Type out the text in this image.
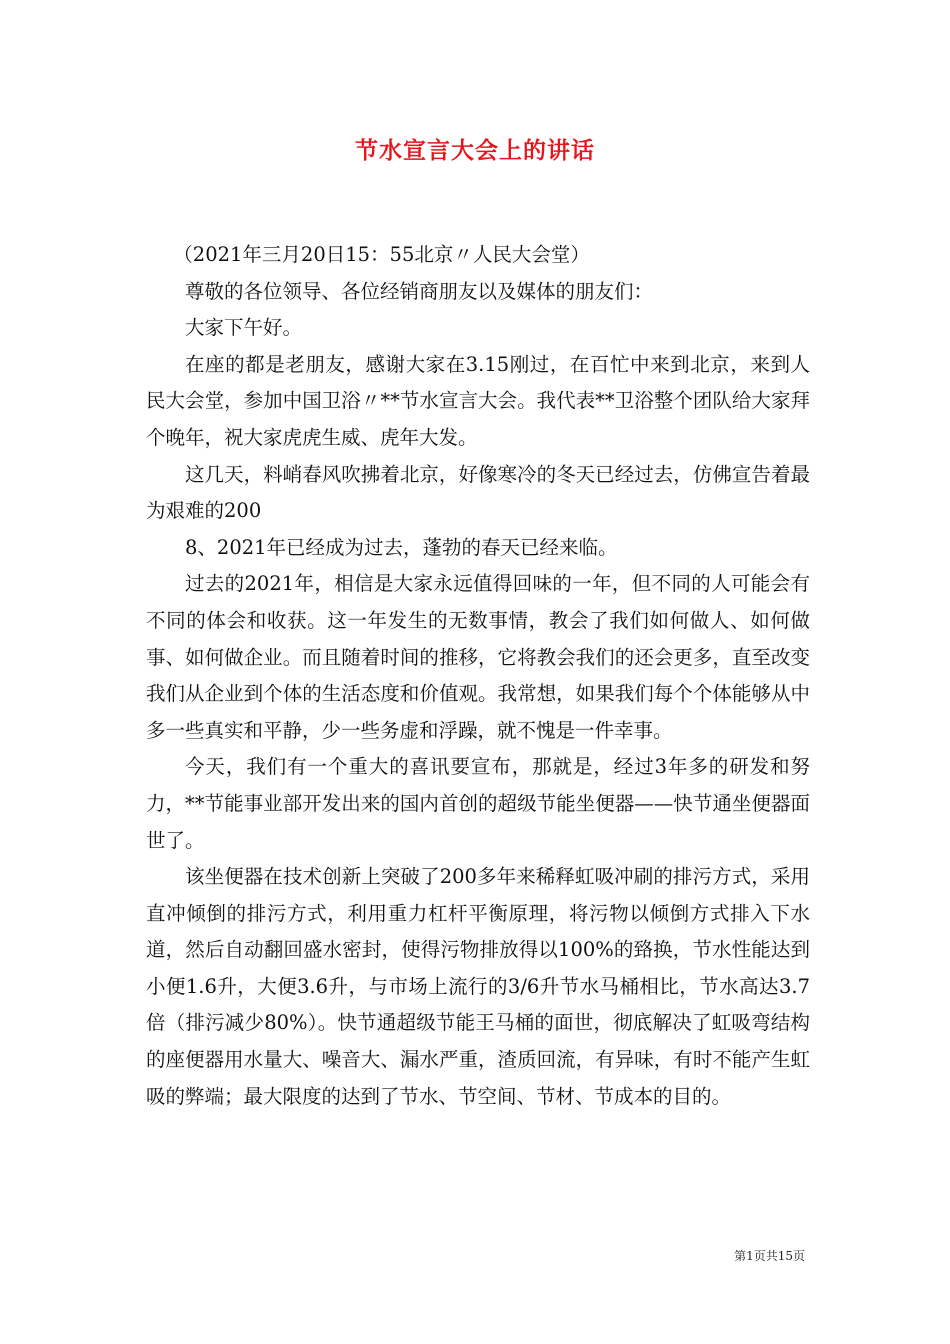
节水宣言大会上的讲话

（2021年三月20日15：55北京〃人民大会堂）

尊敬的各位领导、各位经销商朋友以及媒体的朋友们：

大家下午好。

在座的都是老朋友，感谢大家在3.15刚过，在百忙中来到北京，来到人民大会堂，参加中国卫浴〃**节水宣言大会。我代表**卫浴整个团队给大家拜个晚年，祝大家虎虎生威、虎年大发。

这几天，料峭春风吹拂着北京，好像寒冷的冬天已经过去，仿佛宣告着最为艰难的200

8、2021年已经成为过去，蓬勃的春天已经来临。

过去的2021年，相信是大家永远值得回味的一年，但不同的人可能会有不同的体会和收获。这一年发生的无数事情，教会了我们如何做人、如何做事、如何做企业。而且随着时间的推移，它将教会我们的还会更多，直至改变我们从企业到个体的生活态度和价值观。我常想，如果我们每个个体能够从中多一些真实和平静，少一些务虚和浮躁，就不愧是一件幸事。

今天，我们有一个重大的喜讯要宣布，那就是，经过3年多的研发和努力，**节能事业部开发出来的国内首创的超级节能坐便器——快节通坐便器面世了。

该坐便器在技术创新上突破了200多年来稀释虹吸冲刷的排污方式，采用直冲倾倒的排污方式，利用重力杠杆平衡原理，将污物以倾倒方式排入下水道，然后自动翻回盛水密封，使得污物排放得以100%的臵换，节水性能达到小便1.6升，大便3.6升，与市场上流行的3/6升节水马桶相比，节水高达3.7倍（排污减少80%）。快节通超级节能王马桶的面世，彻底解决了虹吸弯结构的座便器用水量大、噪音大、漏水严重，渣质回流，有异味，有时不能产生虹吸的弊端；最大限度的达到了节水、节空间、节材、节成本的目的。

第1页共15页
